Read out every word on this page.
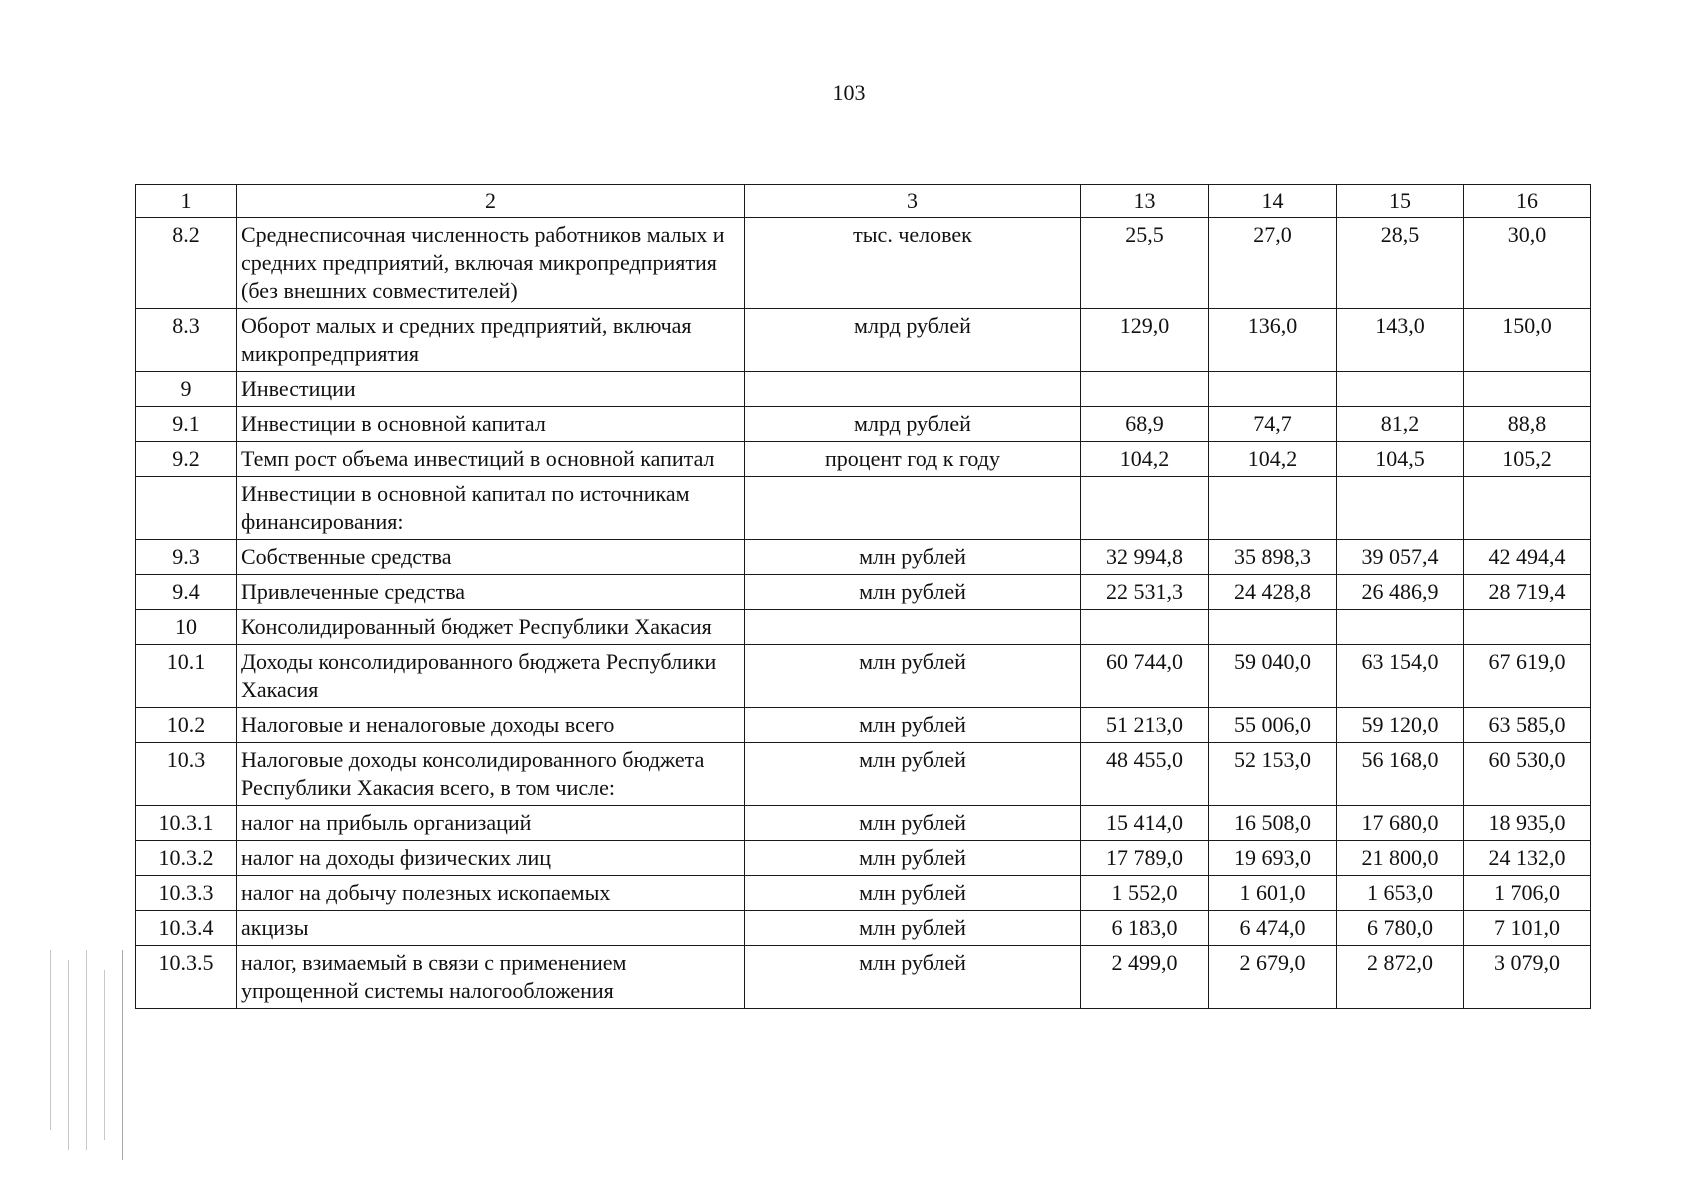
103
1	2	3	13	14	15	16
8.2	Среднесписочная численность работников малых и средних предприятий, включая микропредприятия (без внешних совместителей)	тыс. человек	25,5	27,0	28,5	30,0
8.3	Оборот малых и средних предприятий, включая микропредприятия	млрд рублей	129,0	136,0	143,0	150,0
9	Инвестиции					
9.1	Инвестиции в основной капитал	млрд рублей	68,9	74,7	81,2	88,8
9.2	Темп рост объема инвестиций в основной капитал	процент год к году	104,2	104,2	104,5	105,2
	Инвестиции в основной капитал по источникам финансирования:					
9.3	Собственные средства	млн рублей	32 994,8	35 898,3	39 057,4	42 494,4
9.4	Привлеченные средства	млн рублей	22 531,3	24 428,8	26 486,9	28 719,4
10	Консолидированный бюджет Республики Хакасия					
10.1	Доходы консолидированного бюджета Республики Хакасия	млн рублей	60 744,0	59 040,0	63 154,0	67 619,0
10.2	Налоговые и неналоговые доходы всего	млн рублей	51 213,0	55 006,0	59 120,0	63 585,0
10.3	Налоговые доходы консолидированного бюджета Республики Хакасия всего, в том числе:	млн рублей	48 455,0	52 153,0	56 168,0	60 530,0
10.3.1	налог на прибыль организаций	млн рублей	15 414,0	16 508,0	17 680,0	18 935,0
10.3.2	налог на доходы физических лиц	млн рублей	17 789,0	19 693,0	21 800,0	24 132,0
10.3.3	налог на добычу полезных ископаемых	млн рублей	1 552,0	1 601,0	1 653,0	1 706,0
10.3.4	акцизы	млн рублей	6 183,0	6 474,0	6 780,0	7 101,0
10.3.5	налог, взимаемый в связи с применением упрощенной системы налогообложения	млн рублей	2 499,0	2 679,0	2 872,0	3 079,0
